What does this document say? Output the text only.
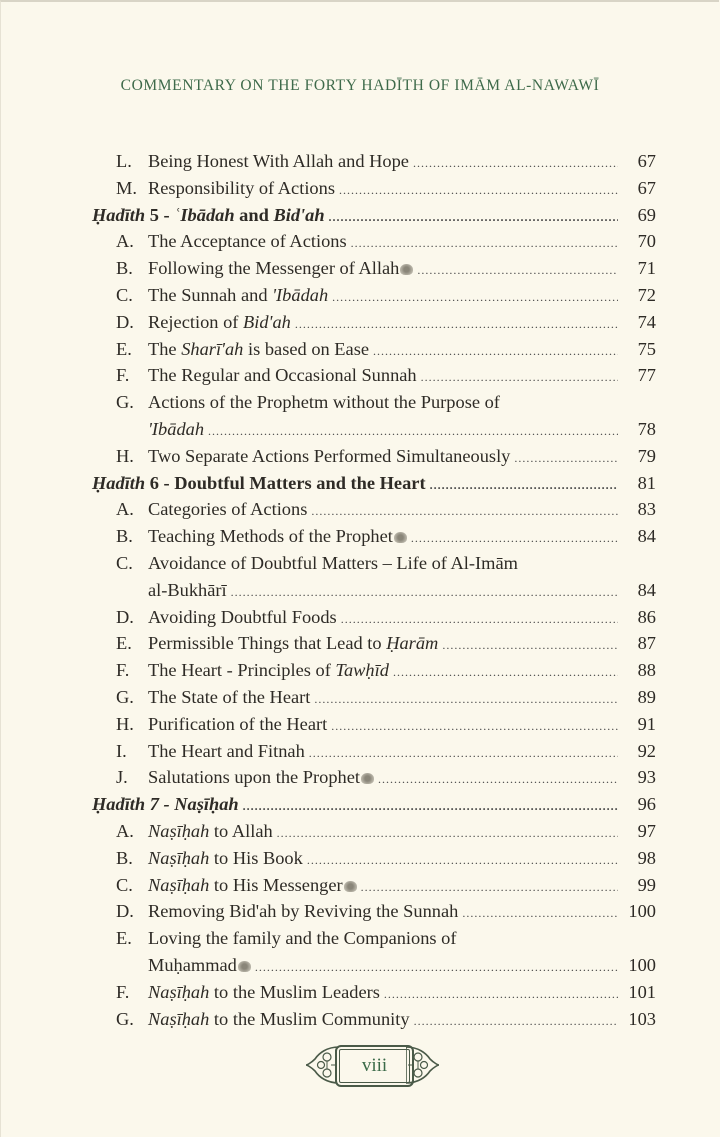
COMMENTARY ON THE FORTY HADĪTH OF IMĀM AL-NAWAWĪ
L. Being Honest With Allah and Hope .....	67
M. Responsibility of Actions .....	67
Ḥadīth 5 - ʿIbādah and Bid'ah .....	69
A. The Acceptance of Actions .....	70
B. Following the Messenger of Allah .....	71
C. The Sunnah and 'Ibādah .....	72
D. Rejection of Bid'ah .....	74
E. The Sharī'ah is based on Ease .....	75
F.	The Regular and Occasional Sunnah .....	77
G. Actions of the Prophetm without the Purpose of
'Ibādah .....	78
H. Two Separate Actions Performed Simultaneously .....	79
Ḥadīth 6 - Doubtful Matters and the Heart .....	81
A. Categories of Actions .....	83
B. Teaching Methods of the Prophet .....	84
C. Avoidance of Doubtful Matters – Life of Al-Imām
al-Bukhārī .....	84
D. Avoiding Doubtful Foods .....	86
E. Permissible Things that Lead to Ḥarām .....	87
F.	The Heart - Principles of Tawḥīd .....	88
G. The State of the Heart .....	89
H. Purification of the Heart .....	91
I.	The Heart and Fitnah .....	92
J.	Salutations upon the Prophet .....	93
Ḥadīth 7 - Naṣīḥah .....	96
A. Naṣīḥah to Allah .....	97
B. Naṣīḥah to His Book .....	98
C. Naṣīḥah to His Messenger .....	99
D. Removing Bid'ah by Reviving the Sunnah .....	100
E. Loving the family and the Companions of
Muḥammad .....	100
F.	Naṣīḥah to the Muslim Leaders .....	101
G. Naṣīḥah to the Muslim Community .....	103
viii
